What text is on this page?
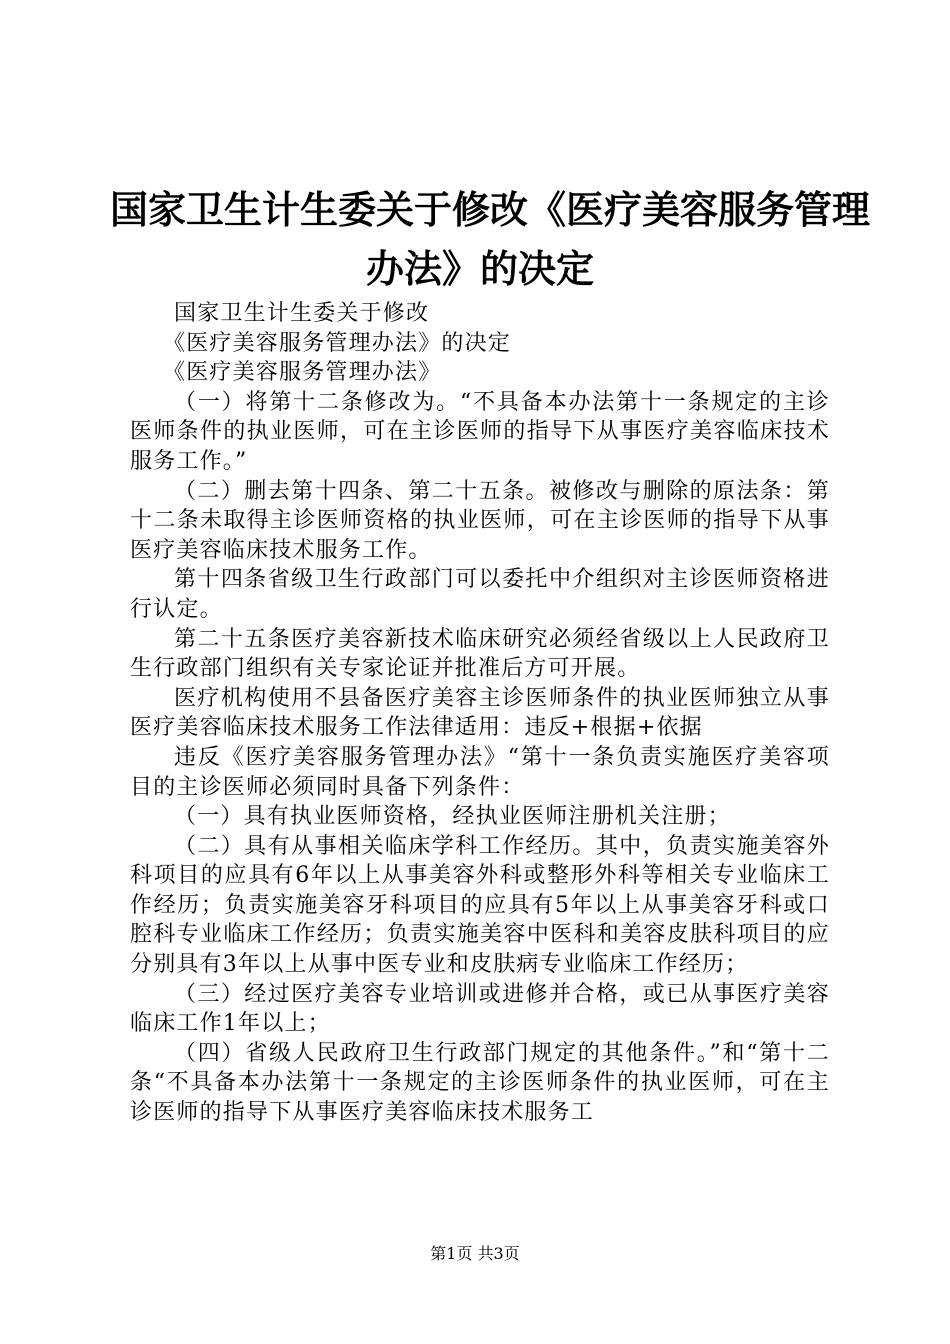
国家卫生计生委关于修改《医疗美容服务管理
办法》的决定

国家卫生计生委关于修改

《医疗美容服务管理办法》的决定

《医疗美容服务管理办法》

（一）将第十二条修改为。“不具备本办法第十一条规定的主诊医师条件的执业医师，可在主诊医师的指导下从事医疗美容临床技术服务工作。”

（二）删去第十四条、第二十五条。被修改与删除的原法条：第十二条未取得主诊医师资格的执业医师，可在主诊医师的指导下从事医疗美容临床技术服务工作。

第十四条省级卫生行政部门可以委托中介组织对主诊医师资格进行认定。

第二十五条医疗美容新技术临床研究必须经省级以上人民政府卫生行政部门组织有关专家论证并批准后方可开展。

医疗机构使用不县备医疗美容主诊医师条件的执业医师独立从事医疗美容临床技术服务工作法律适用：违反+根据+依据

违反《医疗美容服务管理办法》“第十一条负责实施医疗美容项目的主诊医师必须同时具备下列条件：

（一）具有执业医师资格，经执业医师注册机关注册；

（二）具有从事相关临床学科工作经历。其中，负责实施美容外科项目的应具有6年以上从事美容外科或整形外科等相关专业临床工作经历；负责实施美容牙科项目的应具有5年以上从事美容牙科或口腔科专业临床工作经历；负责实施美容中医科和美容皮肤科项目的应分别具有3年以上从事中医专业和皮肤病专业临床工作经历；

（三）经过医疗美容专业培训或进修并合格，或已从事医疗美容临床工作1年以上；

（四）省级人民政府卫生行政部门规定的其他条件。”和“第十二条“不具备本办法第十一条规定的主诊医师条件的执业医师，可在主诊医师的指导下从事医疗美容临床技术服务工

第1页 共3页
